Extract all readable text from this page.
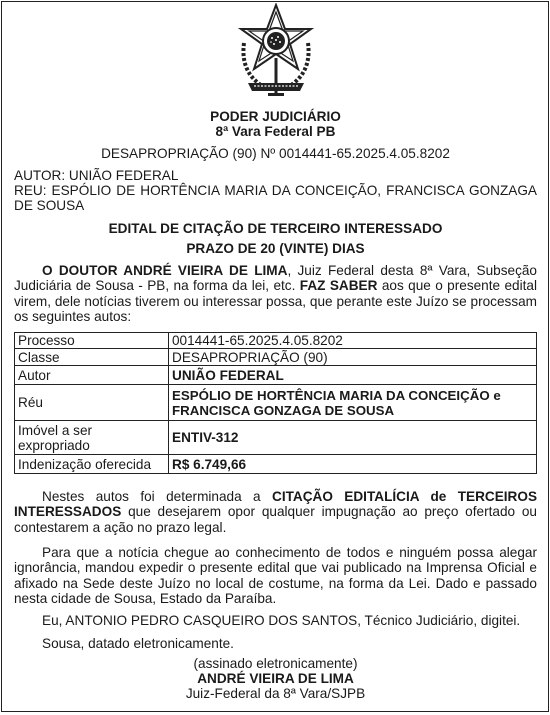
PODER JUDICIÁRIO
8ª Vara Federal PB
DESAPROPRIAÇÃO (90) Nº 0014441-65.2025.4.05.8202
AUTOR: UNIÃO FEDERAL
REU: ESPÓLIO DE HORTÊNCIA MARIA DA CONCEIÇÃO, FRANCISCA GONZAGA DE SOUSA
EDITAL DE CITAÇÃO DE TERCEIRO INTERESSADO
PRAZO DE 20 (VINTE) DIAS
O DOUTOR ANDRÉ VIEIRA DE LIMA, Juiz Federal desta 8ª Vara, Subseção Judiciária de Sousa - PB, na forma da lei, etc. FAZ SABER aos que o presente edital virem, dele notícias tiverem ou interessar possa, que perante este Juízo se processam os seguintes autos:
Processo	0014441-65.2025.4.05.8202
Classe	DESAPROPRIAÇÃO (90)
Autor	UNIÃO FEDERAL
Réu	ESPÓLIO DE HORTÊNCIA MARIA DA CONCEIÇÃO e FRANCISCA GONZAGA DE SOUSA
Imóvel a ser expropriado	ENTIV-312
Indenização oferecida	R$ 6.749,66
Nestes autos foi determinada a CITAÇÃO EDITALÍCIA de TERCEIROS INTERESSADOS que desejarem opor qualquer impugnação ao preço ofertado ou contestarem a ação no prazo legal.
Para que a notícia chegue ao conhecimento de todos e ninguém possa alegar ignorância, mandou expedir o presente edital que vai publicado na Imprensa Oficial e afixado na Sede deste Juízo no local de costume, na forma da Lei. Dado e passado nesta cidade de Sousa, Estado da Paraíba.
Eu, ANTONIO PEDRO CASQUEIRO DOS SANTOS, Técnico Judiciário, digitei.
Sousa, datado eletronicamente.
(assinado eletronicamente)
ANDRÉ VIEIRA DE LIMA
Juiz-Federal da 8ª Vara/SJPB
